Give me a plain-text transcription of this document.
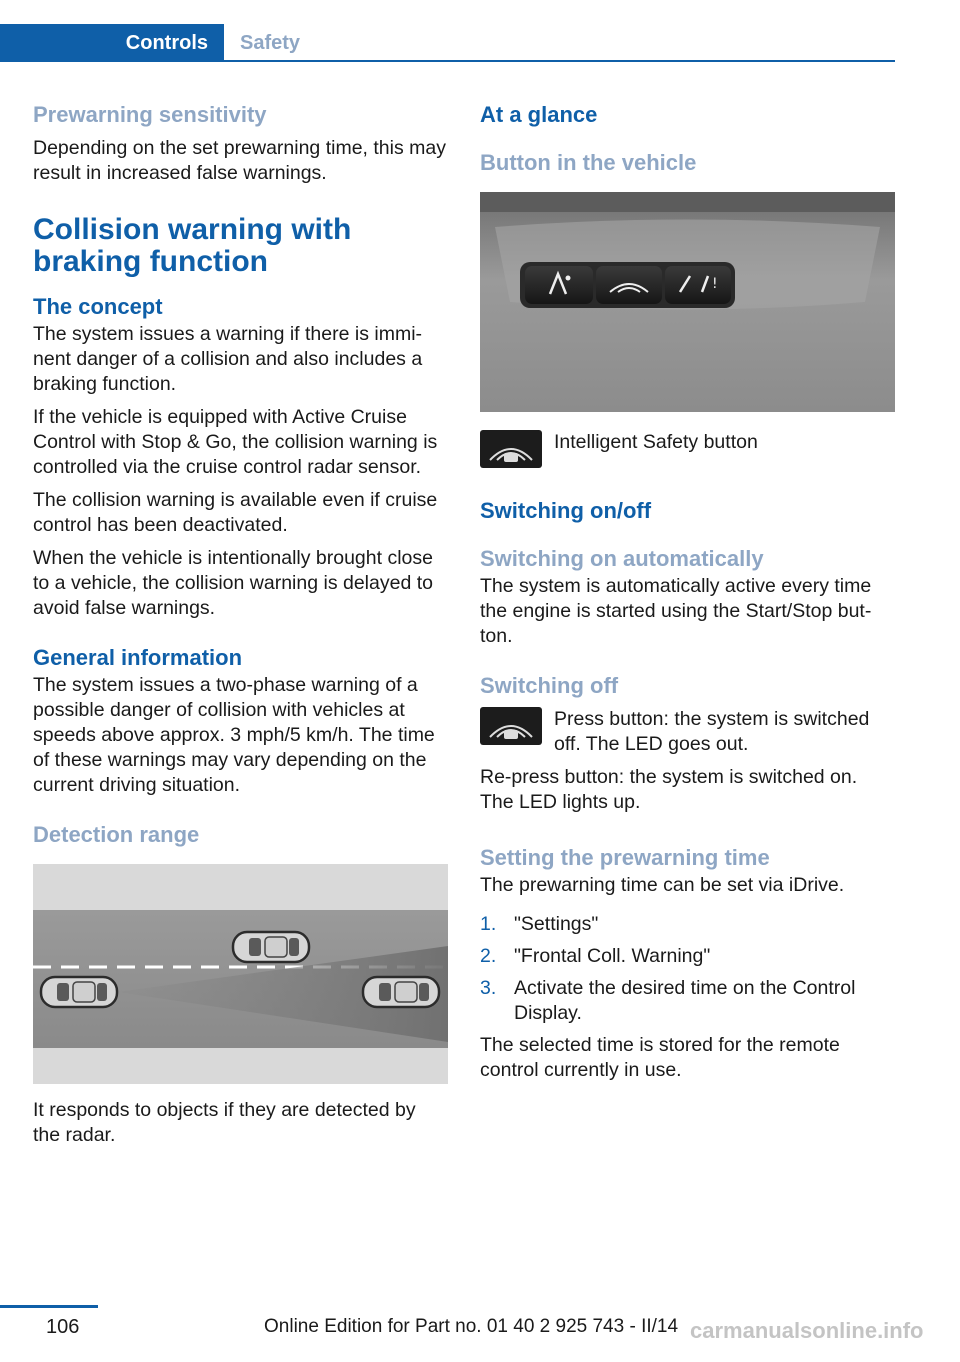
Controls Safety

Prewarning sensitivity

Depending on the set prewarning time, this may result in increased false warnings.

Collision warning with

braking function

The concept

The system issues a warning if there is immi‐nent danger of a collision and also includes a braking function.

If the vehicle is equipped with Active Cruise Control with Stop & Go, the collision warning is controlled via the cruise control radar sensor.

The collision warning is available even if cruise control has been deactivated.

When the vehicle is intentionally brought close to a vehicle, the collision warning is delayed to avoid false warnings.

General information

The system issues a two-phase warning of a possible danger of collision with vehicles at speeds above approx. 3 mph/5 km/h. The time of these warnings may vary depending on the current driving situation.

Detection range

It responds to objects if they are detected by the radar.

At a glance

Button in the vehicle

!

Intelligent Safety button

Switching on/off

Switching on automatically

The system is automatically active every time the engine is started using the Start/Stop but‐ton.

Switching off

Press button: the system is switched off. The LED goes out.

Re-press button: the system is switched on. The LED lights up.

Setting the prewarning time

The prewarning time can be set via iDrive.

1. "Settings"
2. "Frontal Coll. Warning"
3. Activate the desired time on the Control Display.

The selected time is stored for the remote control currently in use.

106	Online Edition for Part no. 01 40 2 925 743 - II/14 carmanualsonline.info
